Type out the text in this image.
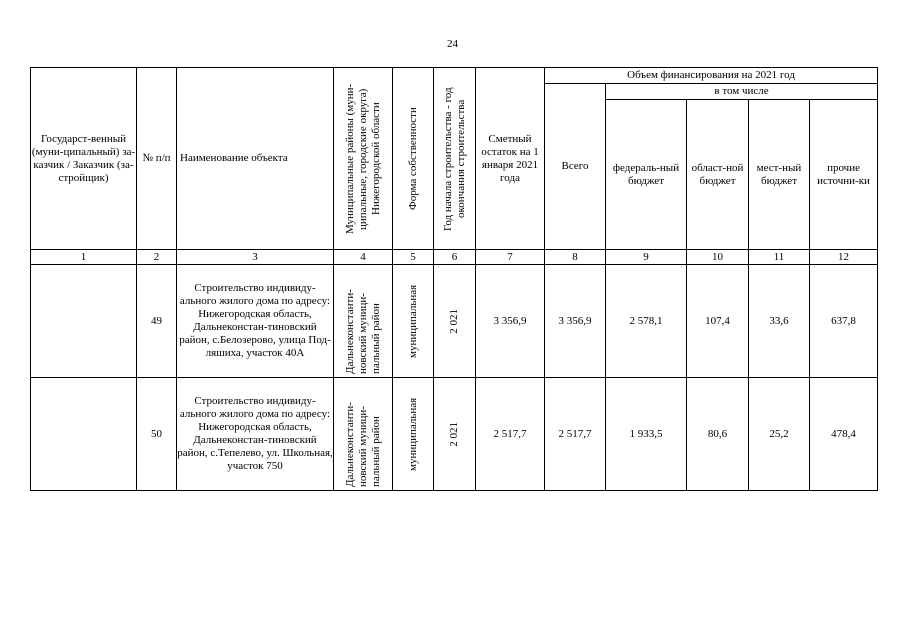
24
Государст-венный (муни-ципальный) за-казчик / Заказчик (за-стройщик)	№ п/п	Наименование объекта	Муниципальные районы (муни-ципальные, городские округа) Нижегородской области	Форма собственности	Год начала строительства - год окончания строительства	Сметный остаток на 1 января 2021 года	Объем финансирования на 2021 год				
							Всего	в том числе			
								федераль-ный бюджет	област-ной бюджет	мест-ный бюджет	прочие источни-ки
1	2	3	4	5	6	7	8	9	10	11	12
	49	Строительство индивиду-ального жилого дома по адресу: Нижегородская область, Дальнеконстан-тиновский район, с.Белозерово, улица Под-ляшиха, участок 40А	Дальнеконстанти-новский муници-пальный район	муниципальная	2 021	3 356,9	3 356,9	2 578,1	107,4	33,6	637,8
	50	Строительство индивиду-ального жилого дома по адресу: Нижегородская область, Дальнеконстан-тиновский район, с.Тепелево, ул. Школьная, участок 750	Дальнеконстанти-новский муници-пальный район	муниципальная	2 021	2 517,7	2 517,7	1 933,5	80,6	25,2	478,4
